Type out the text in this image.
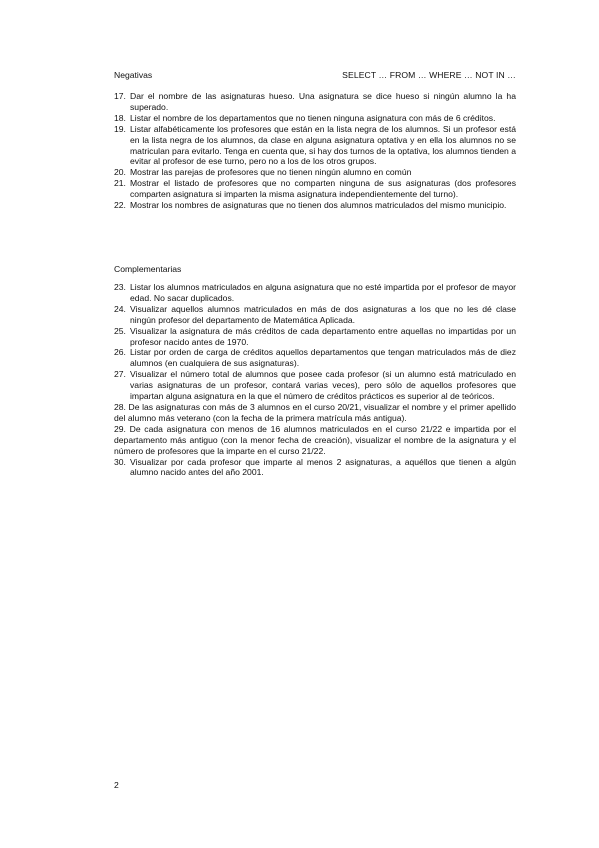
Negativas	SELECT … FROM … WHERE … NOT IN …
17. Dar el nombre de las asignaturas hueso. Una asignatura se dice hueso si ningún alumno la ha superado.
18. Listar el nombre de los departamentos que no tienen ninguna asignatura con más de 6 créditos.
19. Listar alfabéticamente los profesores que están en la lista negra de los alumnos. Si un profesor está en la lista negra de los alumnos, da clase en alguna asignatura optativa y en ella los alumnos no se matriculan para evitarlo. Tenga en cuenta que, si hay dos turnos de la optativa, los alumnos tienden a evitar al profesor de ese turno, pero no a los de los otros grupos.
20. Mostrar las parejas de profesores que no tienen ningún alumno en común
21. Mostrar el listado de profesores que no comparten ninguna de sus asignaturas (dos profesores comparten asignatura si imparten la misma asignatura independientemente del turno).
22. Mostrar los nombres de asignaturas que no tienen dos alumnos matriculados del mismo municipio.
Complementarias
23. Listar los alumnos matriculados en alguna asignatura que no esté impartida por el profesor de mayor edad. No sacar duplicados.
24. Visualizar aquellos alumnos matriculados en más de dos asignaturas a los que no les dé clase ningún profesor del departamento de Matemática Aplicada.
25. Visualizar la asignatura de más créditos de cada departamento entre aquellas no impartidas por un profesor nacido antes de 1970.
26. Listar por orden de carga de créditos aquellos departamentos que tengan matriculados más de diez alumnos (en cualquiera de sus asignaturas).
27. Visualizar el número total de alumnos que posee cada profesor (si un alumno está matriculado en varias asignaturas de un profesor, contará varias veces), pero sólo de aquellos profesores que impartan alguna asignatura en la que el número de créditos prácticos es superior al de teóricos.
28. De las asignaturas con más de 3 alumnos en el curso 20/21, visualizar el nombre y el primer apellido del alumno más veterano (con la fecha de la primera matrícula más antigua).
29. De cada asignatura con menos de 16 alumnos matriculados en el curso 21/22 e impartida por el departamento más antiguo (con la menor fecha de creación), visualizar el nombre de la asignatura y el número de profesores que la imparte en el curso 21/22.
30. Visualizar por cada profesor que imparte al menos 2 asignaturas, a aquéllos que tienen a algún alumno nacido antes del año 2001.
2
